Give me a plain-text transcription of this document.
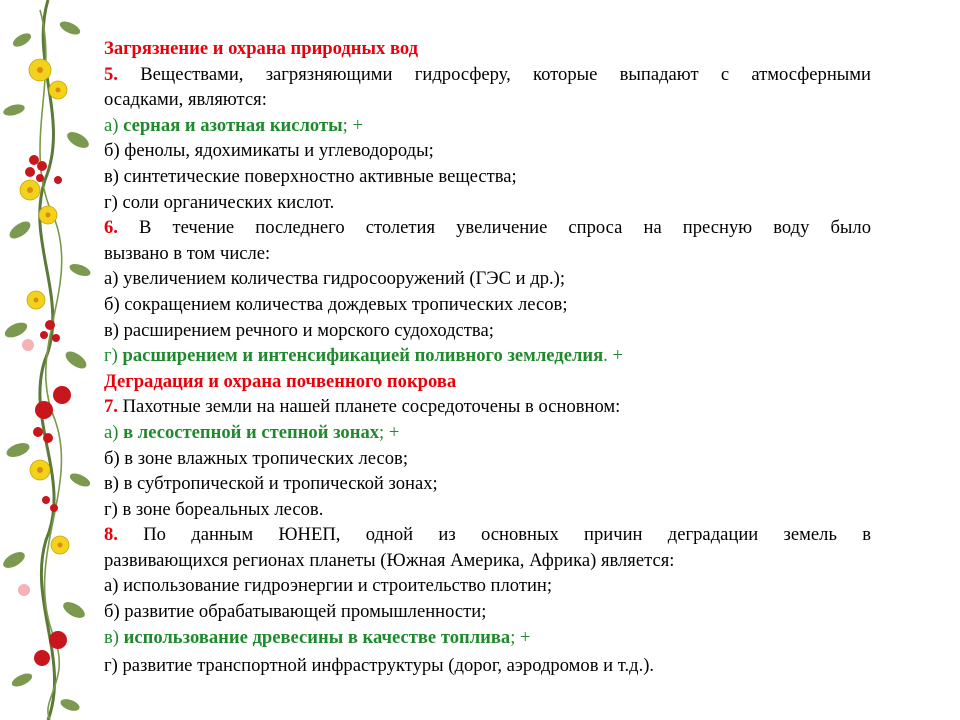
Загрязнение и охрана природных вод
5. Веществами, загрязняющими гидросферу, которые выпадают с атмосферными
осадками, являются:
а) серная и азотная кислоты; +
б) фенолы, ядохимикаты и углеводороды;
в) синтетические поверхностно активные вещества;
г) соли органических кислот.
6. В течение последнего столетия увеличение спроса на пресную воду было
вызвано в том числе:
а) увеличением количества гидросооружений (ГЭС и др.);
б) сокращением количества дождевых тропических лесов;
в) расширением речного и морского судоходства;
г) расширением и интенсификацией поливного земледелия. +
Деградация и охрана почвенного покрова
7. Пахотные земли на нашей планете сосредоточены в основном:
а) в лесостепной и степной зонах; +
б) в зоне влажных тропических лесов;
в) в субтропической и тропической зонах;
г) в зоне бореальных лесов.
8. По данным ЮНЕП, одной из основных причин деградации земель в
развивающихся регионах планеты (Южная Америка, Африка) является:
а) использование гидроэнергии и строительство плотин;
б) развитие обрабатывающей промышленности;
в) использование древесины в качестве топлива; +
г) развитие транспортной инфраструктуры (дорог, аэродромов и т.д.).
